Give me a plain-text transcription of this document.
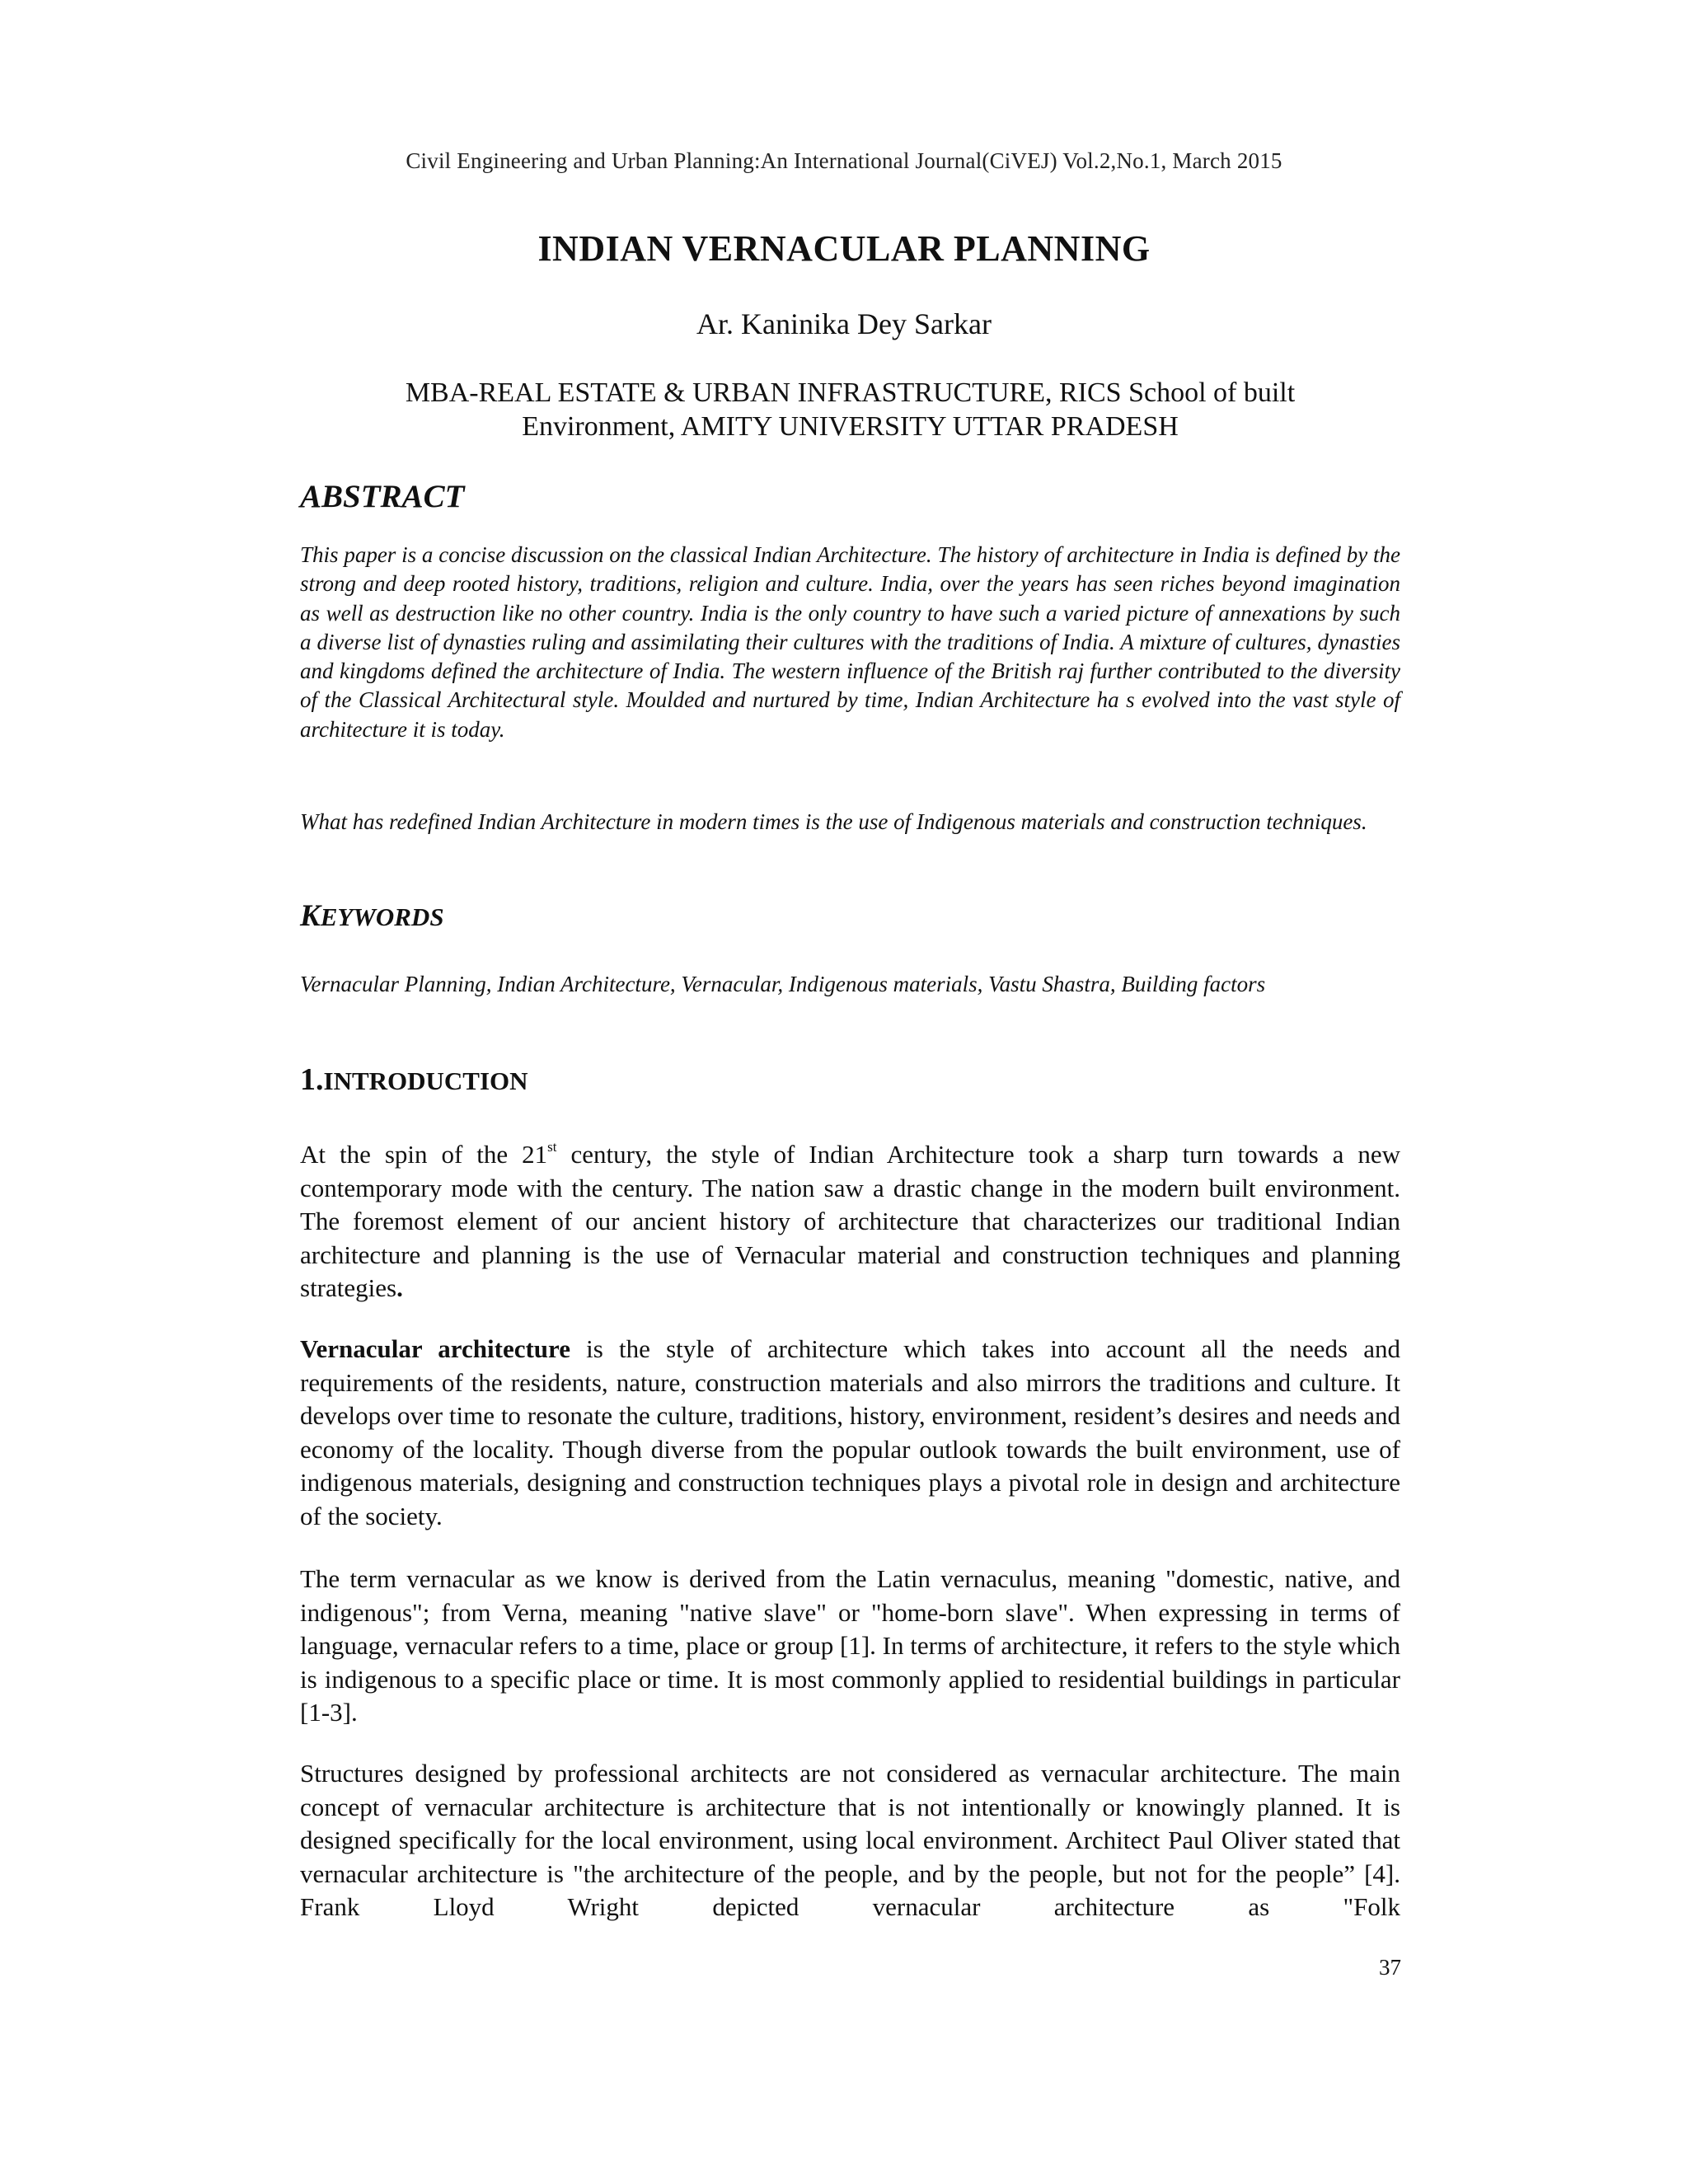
Civil Engineering and Urban Planning:An International Journal(CiVEJ) Vol.2,No.1, March 2015
INDIAN VERNACULAR PLANNING
Ar. Kaninika Dey Sarkar
MBA-REAL ESTATE & URBAN INFRASTRUCTURE, RICS School of built
Environment, AMITY UNIVERSITY UTTAR PRADESH
ABSTRACT

This paper is a concise discussion on the classical Indian Architecture. The history of architecture in India is defined by the strong and deep rooted history, traditions, religion and culture. India, over the years has seen riches beyond imagination as well as destruction like no other country. India is the only country to have such a varied picture of annexations by such a diverse list of dynasties ruling and assimilating their cultures with the traditions of India. A mixture of cultures, dynasties and kingdoms defined the architecture of India. The western influence of the British raj further contributed to the diversity of the Classical Architectural style. Moulded and nurtured by time, Indian Architecture ha s evolved into the vast style of architecture it is today.

What has redefined Indian Architecture in modern times is the use of Indigenous materials and construction techniques.

KEYWORDS

Vernacular Planning, Indian Architecture, Vernacular, Indigenous materials, Vastu Shastra, Building factors

1.INTRODUCTION

At the spin of the 21st century, the style of Indian Architecture took a sharp turn towards a new contemporary mode with the century. The nation saw a drastic change in the modern built environment. The foremost element of our ancient history of architecture that characterizes our traditional Indian architecture and planning is the use of Vernacular material and construction techniques and planning strategies.

Vernacular architecture is the style of architecture which takes into account all the needs and requirements of the residents, nature, construction materials and also mirrors the traditions and culture. It develops over time to resonate the culture, traditions, history, environment, resident’s desires and needs and economy of the locality. Though diverse from the popular outlook towards the built environment, use of indigenous materials, designing and construction techniques plays a pivotal role in design and architecture of the society.

The term vernacular as we know is derived from the Latin vernaculus, meaning "domestic, native, and indigenous"; from Verna, meaning "native slave" or "home-born slave". When expressing in terms of language, vernacular refers to a time, place or group [1]. In terms of architecture, it refers to the style which is indigenous to a specific place or time. It is most commonly applied to residential buildings in particular [1-3].

Structures designed by professional architects are not considered as vernacular architecture. The main concept of vernacular architecture is architecture that is not intentionally or knowingly planned. It is designed specifically for the local environment, using local environment. Architect Paul Oliver stated that vernacular architecture is "the architecture of the people, and by the people, but not for the people” [4]. Frank Lloyd Wright depicted vernacular architecture as "Folk

37
